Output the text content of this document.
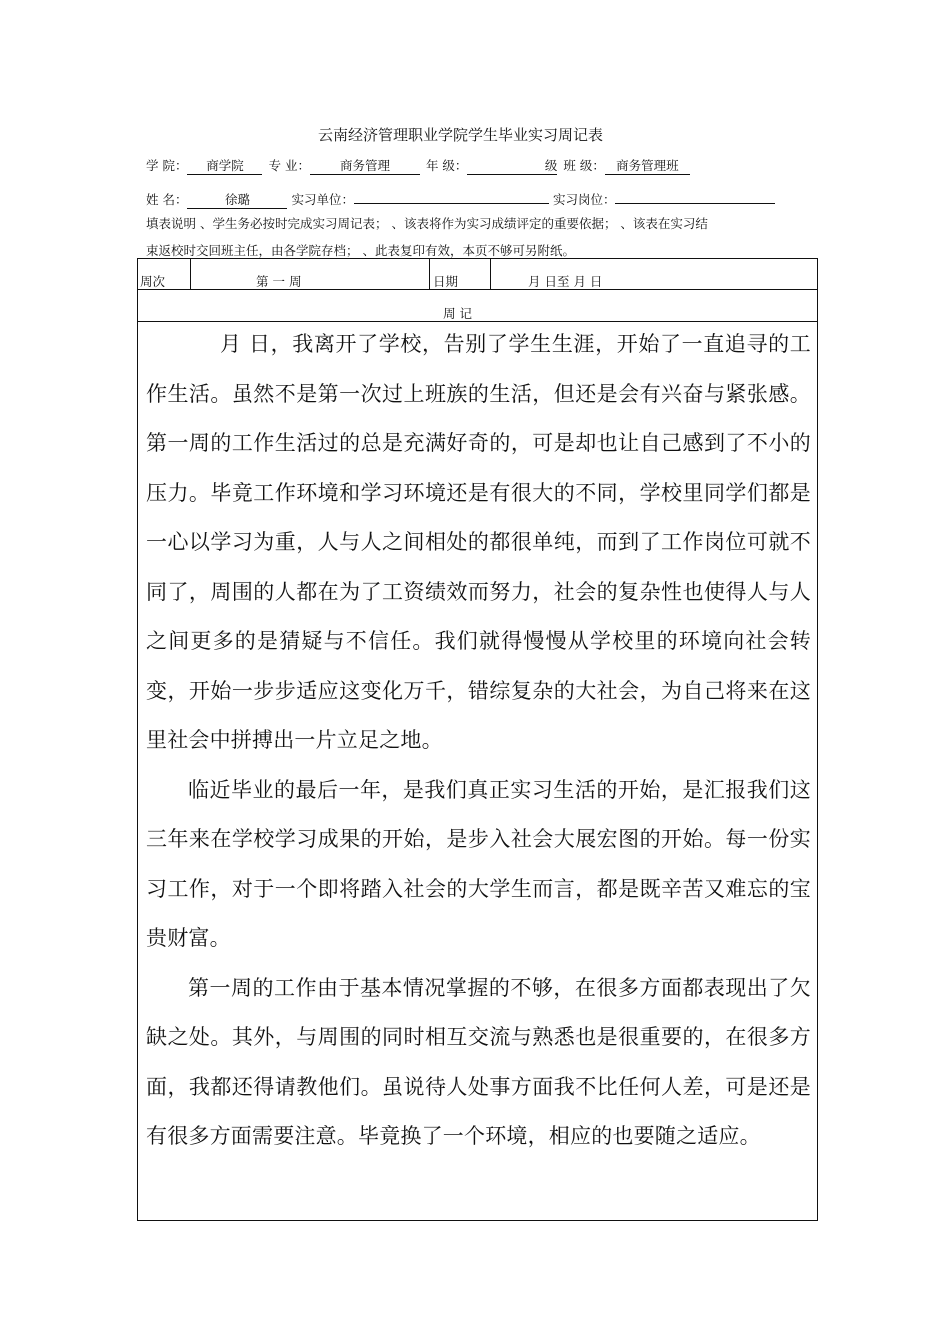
云南经济管理职业学院学生毕业实习周记表
学 院： 商学院 专 业： 商务管理	年 级：	级 班 级： 商务管理班
姓 名：	徐璐	实习单位：	实习岗位：
填表说明 、学生务必按时完成实习周记表； 、该表将作为实习成绩评定的重要依据； 、该表在实习结
束返校时交回班主任，由各学院存档； 、此表复印有效，本页不够可另附纸。
周次	第 一 周	日期	月 日至 月 日
周 记

月 日，我离开了学校，告别了学生生涯，开始了一直追寻的工作生活。虽然不是第一次过上班族的生活，但还是会有兴奋与紧张感。第一周的工作生活过的总是充满好奇的，可是却也让自己感到了不小的压力。毕竟工作环境和学习环境还是有很大的不同，学校里同学们都是一心以学习为重，人与人之间相处的都很单纯，而到了工作岗位可就不同了，周围的人都在为了工资绩效而努力，社会的复杂性也使得人与人之间更多的是猜疑与不信任。我们就得慢慢从学校里的环境向社会转变，开始一步步适应这变化万千，错综复杂的大社会，为自己将来在这里社会中拼搏出一片立足之地。

临近毕业的最后一年，是我们真正实习生活的开始，是汇报我们这三年来在学校学习成果的开始，是步入社会大展宏图的开始。每一份实习工作，对于一个即将踏入社会的大学生而言，都是既辛苦又难忘的宝贵财富。

第一周的工作由于基本情况掌握的不够，在很多方面都表现出了欠缺之处。其外，与周围的同时相互交流与熟悉也是很重要的，在很多方面，我都还得请教他们。虽说待人处事方面我不比任何人差，可是还是有很多方面需要注意。毕竟换了一个环境，相应的也要随之适应。
